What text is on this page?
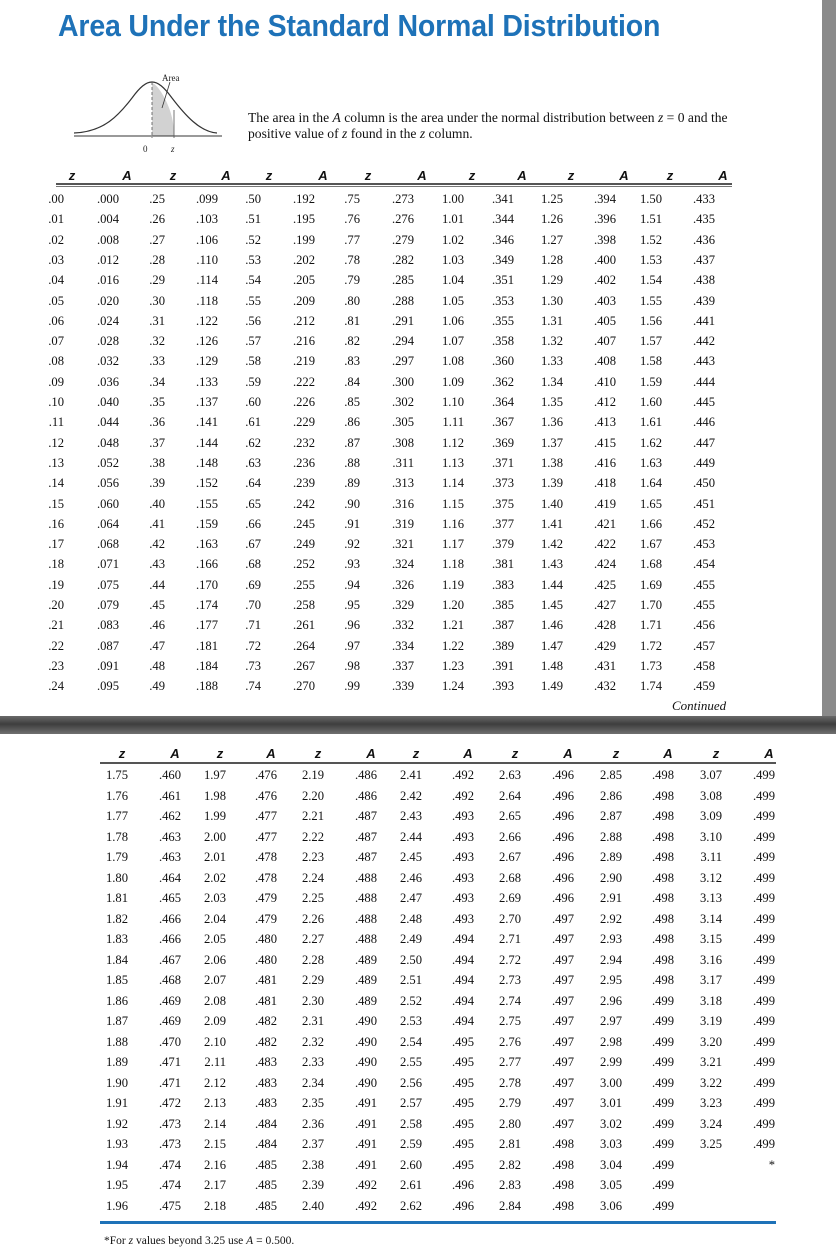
Area Under the Standard Normal Distribution
Area
0	z
The area in the A column is the area under the normal distribution between z = 0 and the positive value of z found in the z column.
z	A	z	A	z	A	z	A	z	A	z	A	z	A
.00	.000 .25 .099 .50	.192 .75	.273 1.00 .341 1.25 .394 1.50 .433
.01	.004 .26 .103 .51	.195 .76	.276 1.01 .344 1.26 .396 1.51 .435
.02	.008 .27 .106 .52	.199 .77	.279 1.02 .346 1.27 .398 1.52 .436
.03	.012 .28 .110 .53	.202 .78	.282 1.03 .349 1.28 .400 1.53 .437
.04	.016 .29 .114 .54	.205 .79	.285 1.04 .351 1.29 .402 1.54 .438
.05	.020 .30 .118 .55	.209 .80	.288 1.05 .353 1.30 .403 1.55 .439
.06	.024 .31 .122 .56	.212 .81	.291 1.06 .355 1.31 .405 1.56 .441
.07	.028 .32 .126 .57	.216 .82	.294 1.07 .358 1.32 .407 1.57 .442
.08	.032 .33 .129 .58	.219 .83	.297 1.08 .360 1.33 .408 1.58 .443
.09	.036 .34 .133 .59	.222 .84	.300 1.09 .362 1.34 .410 1.59 .444
.10	.040 .35 .137 .60	.226 .85	.302 1.10 .364 1.35 .412 1.60 .445
.11	.044 .36 .141 .61	.229 .86	.305 1.11 .367 1.36 .413 1.61 .446
.12	.048 .37 .144 .62	.232 .87	.308 1.12 .369 1.37 .415 1.62 .447
.13	.052 .38 .148 .63	.236 .88	.311 1.13 .371 1.38 .416 1.63 .449
.14	.056 .39 .152 .64	.239 .89	.313 1.14 .373 1.39 .418 1.64 .450
.15	.060 .40 .155 .65	.242 .90	.316 1.15 .375 1.40 .419 1.65 .451
.16	.064 .41 .159 .66	.245 .91	.319 1.16 .377 1.41 .421 1.66 .452
.17	.068 .42 .163 .67	.249 .92	.321 1.17 .379 1.42 .422 1.67 .453
.18	.071 .43 .166 .68	.252 .93	.324 1.18 .381 1.43 .424 1.68 .454
.19	.075 .44 .170 .69	.255 .94	.326 1.19 .383 1.44 .425 1.69 .455
.20	.079 .45 .174 .70	.258 .95	.329 1.20 .385 1.45 .427 1.70 .455
.21	.083 .46 .177 .71	.261 .96	.332 1.21 .387 1.46 .428 1.71 .456
.22	.087 .47 .181 .72	.264 .97	.334 1.22 .389 1.47 .429 1.72 .457
.23	.091 .48 .184 .73	.267 .98	.337 1.23 .391 1.48 .431 1.73 .458
.24	.095 .49 .188 .74	.270 .99	.339 1.24 .393 1.49 .432 1.74 .459
Continued
z	A	z	A	z	A	z	A	z	A	z	A	z	A
1.75 .460 1.97 .476 2.19 .486 2.41 .492 2.63 .496 2.85 .498 3.07 .499
1.76 .461 1.98 .476 2.20 .486 2.42 .492 2.64 .496 2.86 .498 3.08 .499
1.77 .462 1.99 .477 2.21 .487 2.43 .493 2.65 .496 2.87 .498 3.09 .499
1.78 .463 2.00 .477 2.22 .487 2.44 .493 2.66 .496 2.88 .498 3.10 .499
1.79 .463 2.01 .478 2.23 .487 2.45 .493 2.67 .496 2.89 .498 3.11 .499
1.80 .464 2.02 .478 2.24 .488 2.46 .493 2.68 .496 2.90 .498 3.12 .499
1.81 .465 2.03 .479 2.25 .488 2.47 .493 2.69 .496 2.91 .498 3.13 .499
1.82 .466 2.04 .479 2.26 .488 2.48 .493 2.70 .497 2.92 .498 3.14 .499
1.83 .466 2.05 .480 2.27 .488 2.49 .494 2.71 .497 2.93 .498 3.15 .499
1.84 .467 2.06 .480 2.28 .489 2.50 .494 2.72 .497 2.94 .498 3.16 .499
1.85 .468 2.07 .481 2.29 .489 2.51 .494 2.73 .497 2.95 .498 3.17 .499
1.86 .469 2.08 .481 2.30 .489 2.52 .494 2.74 .497 2.96 .499 3.18 .499
1.87 .469 2.09 .482 2.31 .490 2.53 .494 2.75 .497 2.97 .499 3.19 .499
1.88 .470 2.10 .482 2.32 .490 2.54 .495 2.76 .497 2.98 .499 3.20 .499
1.89 .471 2.11 .483 2.33 .490 2.55 .495 2.77 .497 2.99 .499 3.21 .499
1.90 .471 2.12 .483 2.34 .490 2.56 .495 2.78 .497 3.00 .499 3.22 .499
1.91 .472 2.13 .483 2.35 .491 2.57 .495 2.79 .497 3.01 .499 3.23 .499
1.92 .473 2.14 .484 2.36 .491 2.58 .495 2.80 .497 3.02 .499 3.24 .499
1.93 .473 2.15 .484 2.37 .491 2.59 .495 2.81 .498 3.03 .499 3.25 .499
1.94 .474 2.16 .485 2.38 .491 2.60 .495 2.82 .498 3.04 .499	*
1.95 .474 2.17 .485 2.39 .492 2.61 .496 2.83 .498 3.05 .499
1.96 .475 2.18 .485 2.40 .492 2.62 .496 2.84 .498 3.06 .499
*For z values beyond 3.25 use A = 0.500.
